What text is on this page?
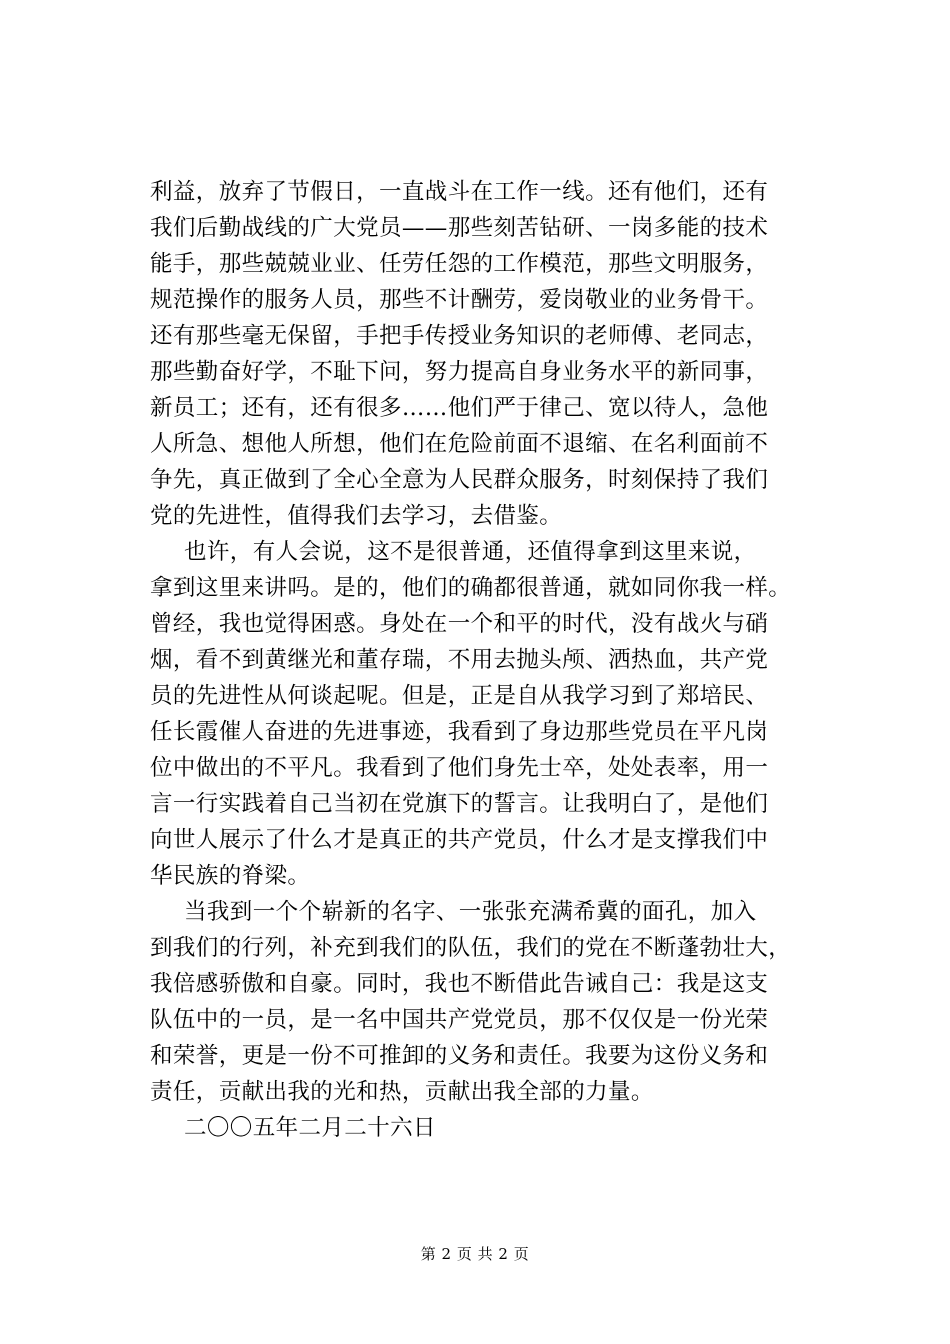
利益，放弃了节假日，一直战斗在工作一线。还有他们，还有
我们后勤战线的广大党员——那些刻苦钻研、一岗多能的技术
能手，那些兢兢业业、任劳任怨的工作模范，那些文明服务，
规范操作的服务人员，那些不计酬劳，爱岗敬业的业务骨干。
还有那些毫无保留，手把手传授业务知识的老师傅、老同志，
那些勤奋好学，不耻下问，努力提高自身业务水平的新同事，
新员工；还有，还有很多……他们严于律己、宽以待人，急他
人所急、想他人所想，他们在危险前面不退缩、在名利面前不
争先，真正做到了全心全意为人民群众服务，时刻保持了我们
党的先进性，值得我们去学习，去借鉴。
也许，有人会说，这不是很普通，还值得拿到这里来说，
拿到这里来讲吗。是的，他们的确都很普通，就如同你我一样。
曾经，我也觉得困惑。身处在一个和平的时代，没有战火与硝
烟，看不到黄继光和董存瑞，不用去抛头颅、洒热血，共产党
员的先进性从何谈起呢。但是，正是自从我学习到了郑培民、
任长霞催人奋进的先进事迹，我看到了身边那些党员在平凡岗
位中做出的不平凡。我看到了他们身先士卒，处处表率，用一
言一行实践着自己当初在党旗下的誓言。让我明白了，是他们
向世人展示了什么才是真正的共产党员，什么才是支撑我们中
华民族的脊梁。
当我到一个个崭新的名字、一张张充满希冀的面孔，加入
到我们的行列，补充到我们的队伍，我们的党在不断蓬勃壮大，
我倍感骄傲和自豪。同时，我也不断借此告诫自己：我是这支
队伍中的一员，是一名中国共产党党员，那不仅仅是一份光荣
和荣誉，更是一份不可推卸的义务和责任。我要为这份义务和
责任，贡献出我的光和热，贡献出我全部的力量。
二〇〇五年二月二十六日
第 2 页 共 2 页
